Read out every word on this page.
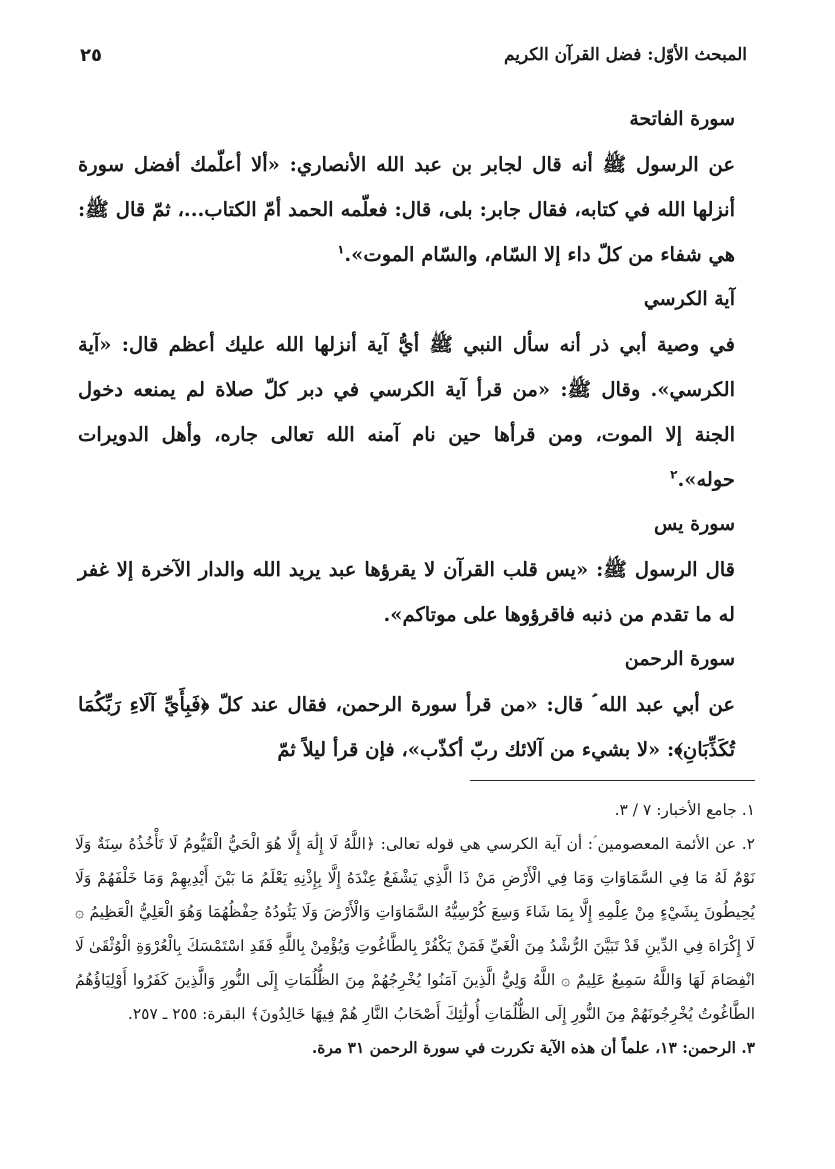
المبحث الأوّل: فضل القرآن الكريم
٢٥

سورة الفاتحة

عن الرسول ﷺ أنه قال لجابر بن عبد الله الأنصاري: «ألا أعلّمك أفضل سورة أنزلها الله في كتابه، فقال جابر: بلى، قال: فعلّمه الحمد أمّ الكتاب...، ثمّ قال ﷺ: هي شفاء من كلّ داء إلا السّام، والسّام الموت».$^١$

آية الكرسي

في وصية أبي ذر أنه سأل النبي ﷺ أيُّ آية أنزلها الله عليك أعظم قال: «آية الكرسي». وقال ﷺ: «من قرأ آية الكرسي في دبر كلّ صلاة لم يمنعه دخول الجنة إلا الموت، ومن قرأها حين نام آمنه الله تعالى جاره، وأهل الدويرات حوله».$^٢$

سورة يس

قال الرسول ﷺ: «يس قلب القرآن لا يقرؤها عبد يريد الله والدار الآخرة إلا غفر له ما تقدم من ذنبه فاقرؤوها على موتاكم».

سورة الرحمن

عن أبي عبد الله ؑ قال: «من قرأ سورة الرحمن، فقال عند كلّ ﴿فَبِأَيِّ آلَاءِ رَبِّكُمَا تُكَذِّبَانِ﴾: «لا بشيء من آلائك ربّ أكذّب»، فإن قرأ ليلاً ثمّ

١. جامع الأخبار: ٧ / ٣.

٢. عن الأئمة المعصومين ؑ: أن آية الكرسي هي قوله تعالى: ﴿اللَّهُ لَا إِلَٰهَ إِلَّا هُوَ الْحَيُّ الْقَيُّومُ لَا تَأْخُذُهُ سِنَةٌ وَلَا نَوْمٌ لَهُ مَا فِي السَّمَاوَاتِ وَمَا فِي الْأَرْضِ مَنْ ذَا الَّذِي يَشْفَعُ عِنْدَهُ إِلَّا بِإِذْنِهِ يَعْلَمُ مَا بَيْنَ أَيْدِيهِمْ وَمَا خَلْفَهُمْ وَلَا يُحِيطُونَ بِشَيْءٍ مِنْ عِلْمِهِ إِلَّا بِمَا شَاءَ وَسِعَ كُرْسِيُّهُ السَّمَاوَاتِ وَالْأَرْضَ وَلَا يَئُودُهُ حِفْظُهُمَا وَهُوَ الْعَلِيُّ الْعَظِيمُ ۞ لَا إِكْرَاهَ فِي الدِّينِ قَدْ تَبَيَّنَ الرُّشْدُ مِنَ الْغَيِّ فَمَنْ يَكْفُرْ بِالطَّاغُوتِ وَيُؤْمِنْ بِاللَّهِ فَقَدِ اسْتَمْسَكَ بِالْعُرْوَةِ الْوُثْقَىٰ لَا انْفِصَامَ لَهَا وَاللَّهُ سَمِيعٌ عَلِيمٌ ۞ اللَّهُ وَلِيُّ الَّذِينَ آمَنُوا يُخْرِجُهُمْ مِنَ الظُّلُمَاتِ إِلَى النُّورِ وَالَّذِينَ كَفَرُوا أَوْلِيَاؤُهُمُ الطَّاغُوتُ يُخْرِجُونَهُمْ مِنَ النُّورِ إِلَى الظُّلُمَاتِ أُولَٰئِكَ أَصْحَابُ النَّارِ هُمْ فِيهَا خَالِدُونَ﴾ البقرة: ٢٥٥ ـ ٢٥٧.

٣. الرحمن: ١٣، علماً أن هذه الآية تكررت في سورة الرحمن ٣١ مرة.
